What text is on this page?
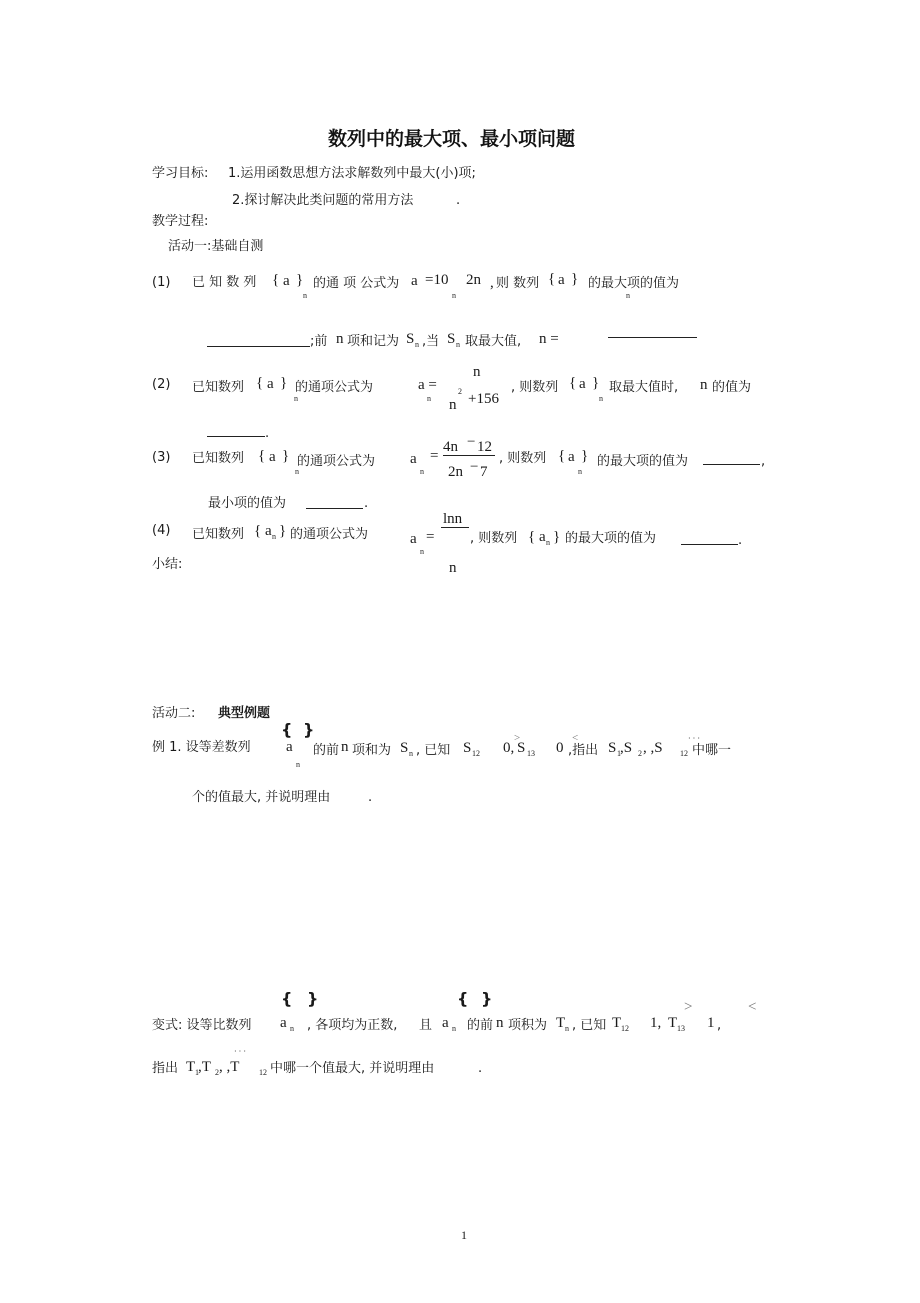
数列中的最大项、最小项问题
学习目标: 1.运用函数思想方法求解数列中最大(小)项;
2.探讨解决此类问题的常用方法	.
教学过程:
活动一:基础自测
(1) 已 知 数 列 { a }
n
的通 项 公式为 a
n
=10 2n , 则 数列 { a } 的最大项的值为
n
;前 n 项和记为 S n ,当 S n 取最大值, n =
(2) 已知数列 { a }
n
的通项公式为
n
a =
n
2
n +156
, 则数列 { a }
n
取最大值时, n 的值为
.
(3) 已知数列 { a }
n
的通项公式为 a
n
=
4n − 12
2n − 7
, 则数列 { a }
n
的最大项的值为	,
最小项的值为	.
(4) 已知数列 { a n } 的通项公式为
lnn
a
n
=
n
, 则数列 { a n } 的最大项的值为	.
小结:
活动二: 典型例题
例 1. 设等差数列
{ }
a
n
的前 n 项和为 S n , 已知 S 12 0,
>
S 13
<
0 ,指出 S 1 ,S 2 , ,S 12
· · ·
中哪一
个的值最大, 并说明理由	.
{ }	{ }	>	<
变式: 设等比数列 a n , 各项均为正数, 且 a n 的前 n 项积为 T n , 已知 T 12 1, T 13 1 ,
· · ·
指出 T 1 ,T 2 , ,T 12 中哪一个值最大, 并说明理由	.
1
